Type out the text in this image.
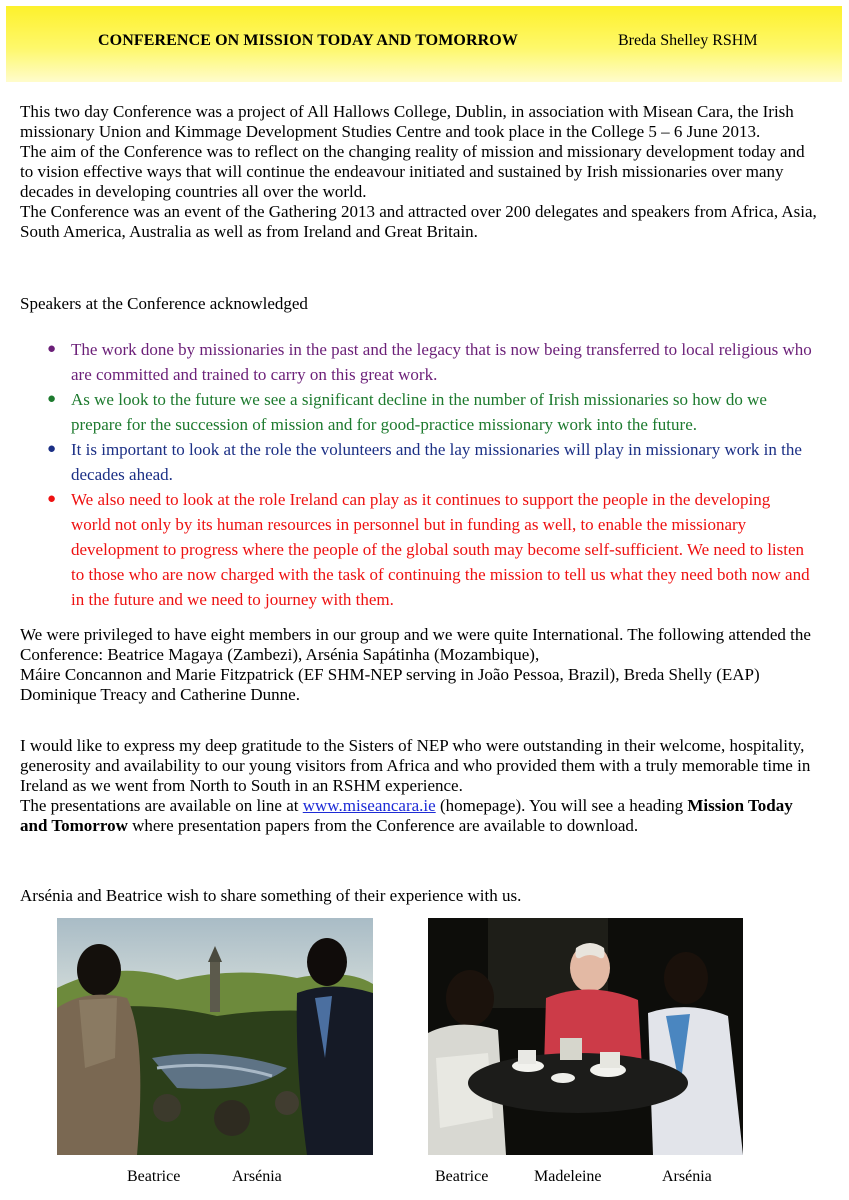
CONFERENCE ON MISSION TODAY AND TOMORROW	Breda Shelley RSHM
This two day Conference was a project of All Hallows College, Dublin, in association with Misean Cara, the Irish missionary Union and Kimmage Development Studies Centre and took place in the College 5 – 6 June 2013.
The aim of the Conference was to reflect on the changing reality of mission and missionary development today and to vision effective ways that will continue the endeavour initiated and sustained by Irish missionaries over many decades in developing countries all over the world.
The Conference was an event of the Gathering 2013 and attracted over 200 delegates and speakers from Africa, Asia, South America, Australia as well as from Ireland and Great Britain.
Speakers at the Conference acknowledged
● The work done by missionaries in the past and the legacy that is now being transferred to local religious who are committed and trained to carry on this great work.
● As we look to the future we see a significant decline in the number of Irish missionaries so how do we prepare for the succession of mission and for good-practice missionary work into the future.
● It is important to look at the role the volunteers and the lay missionaries will play in missionary work in the decades ahead.
● We also need to look at the role Ireland can play as it continues to support the people in the developing world not only by its human resources in personnel but in funding as well, to enable the missionary development to progress where the people of the global south may become self-sufficient. We need to listen to those who are now charged with the task of continuing the mission to tell us what they need both now and in the future and we need to journey with them.
We were privileged to have eight members in our group and we were quite International. The following attended the Conference: Beatrice Magaya (Zambezi), Arsénia Sapátinha (Mozambique),
Máire Concannon and Marie Fitzpatrick (EF SHM-NEP serving in João Pessoa, Brazil), Breda Shelly (EAP) Dominique Treacy and Catherine Dunne.
I would like to express my deep gratitude to the Sisters of NEP who were outstanding in their welcome, hospitality, generosity and availability to our young visitors from Africa and who provided them with a truly memorable time in Ireland as we went from North to South in an RSHM experience.
The presentations are available on line at www.miseancara.ie (homepage). You will see a heading Mission Today and Tomorrow where presentation papers from the Conference are available to download.
Arsénia and Beatrice wish to share something of their experience with us.
Beatrice	Arsénia	Beatrice	Madeleine	Arsénia
